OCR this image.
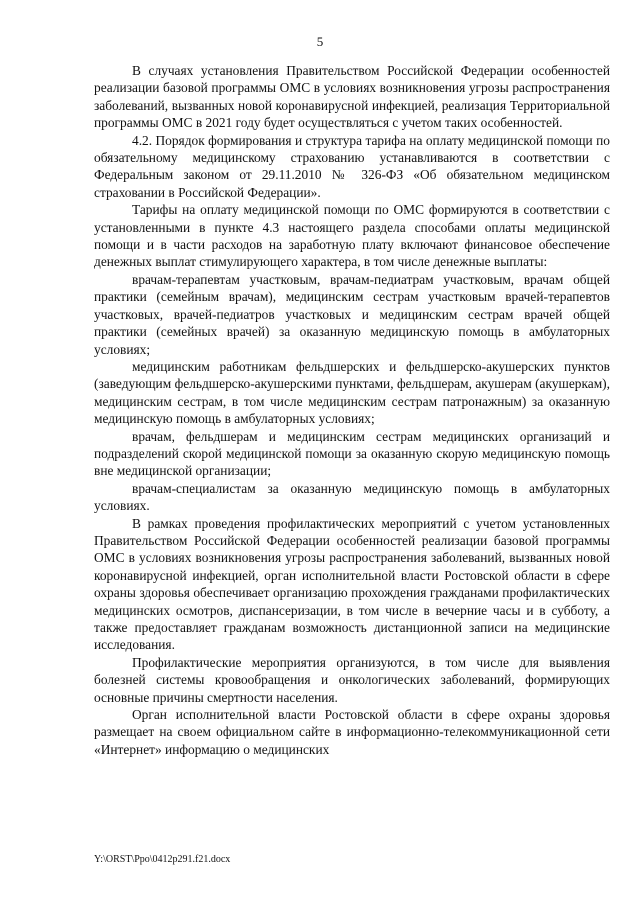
5

В случаях установления Правительством Российской Федерации особенностей реализации базовой программы ОМС в условиях возникновения угрозы распространения заболеваний, вызванных новой коронавирусной инфекцией, реализация Территориальной программы ОМС в 2021 году будет осуществляться с учетом таких особенностей.

4.2. Порядок формирования и структура тарифа на оплату медицинской помощи по обязательному медицинскому страхованию устанавливаются в соответствии с Федеральным законом от 29.11.2010 № 326-ФЗ «Об обязательном медицинском страховании в Российской Федерации».

Тарифы на оплату медицинской помощи по ОМС формируются в соответствии с установленными в пункте 4.3 настоящего раздела способами оплаты медицинской помощи и в части расходов на заработную плату включают финансовое обеспечение денежных выплат стимулирующего характера, в том числе денежные выплаты:

врачам-терапевтам участковым, врачам-педиатрам участковым, врачам общей практики (семейным врачам), медицинским сестрам участковым врачей-терапевтов участковых, врачей-педиатров участковых и медицинским сестрам врачей общей практики (семейных врачей) за оказанную медицинскую помощь в амбулаторных условиях;

медицинским работникам фельдшерских и фельдшерско-акушерских пунктов (заведующим фельдшерско-акушерскими пунктами, фельдшерам, акушерам (акушеркам), медицинским сестрам, в том числе медицинским сестрам патронажным) за оказанную медицинскую помощь в амбулаторных условиях;

врачам, фельдшерам и медицинским сестрам медицинских организаций и подразделений скорой медицинской помощи за оказанную скорую медицинскую помощь вне медицинской организации;

врачам-специалистам за оказанную медицинскую помощь в амбулаторных условиях.

В рамках проведения профилактических мероприятий с учетом установленных Правительством Российской Федерации особенностей реализации базовой программы ОМС в условиях возникновения угрозы распространения заболеваний, вызванных новой коронавирусной инфекцией, орган исполнительной власти Ростовской области в сфере охраны здоровья обеспечивает организацию прохождения гражданами профилактических медицинских осмотров, диспансеризации, в том числе в вечерние часы и в субботу, а также предоставляет гражданам возможность дистанционной записи на медицинские исследования.

Профилактические мероприятия организуются, в том числе для выявления болезней системы кровообращения и онкологических заболеваний, формирующих основные причины смертности населения.

Орган исполнительной власти Ростовской области в сфере охраны здоровья размещает на своем официальном сайте в информационно-телекоммуникационной сети «Интернет» информацию о медицинских

Y:\ORST\Ppo\0412p291.f21.docx
